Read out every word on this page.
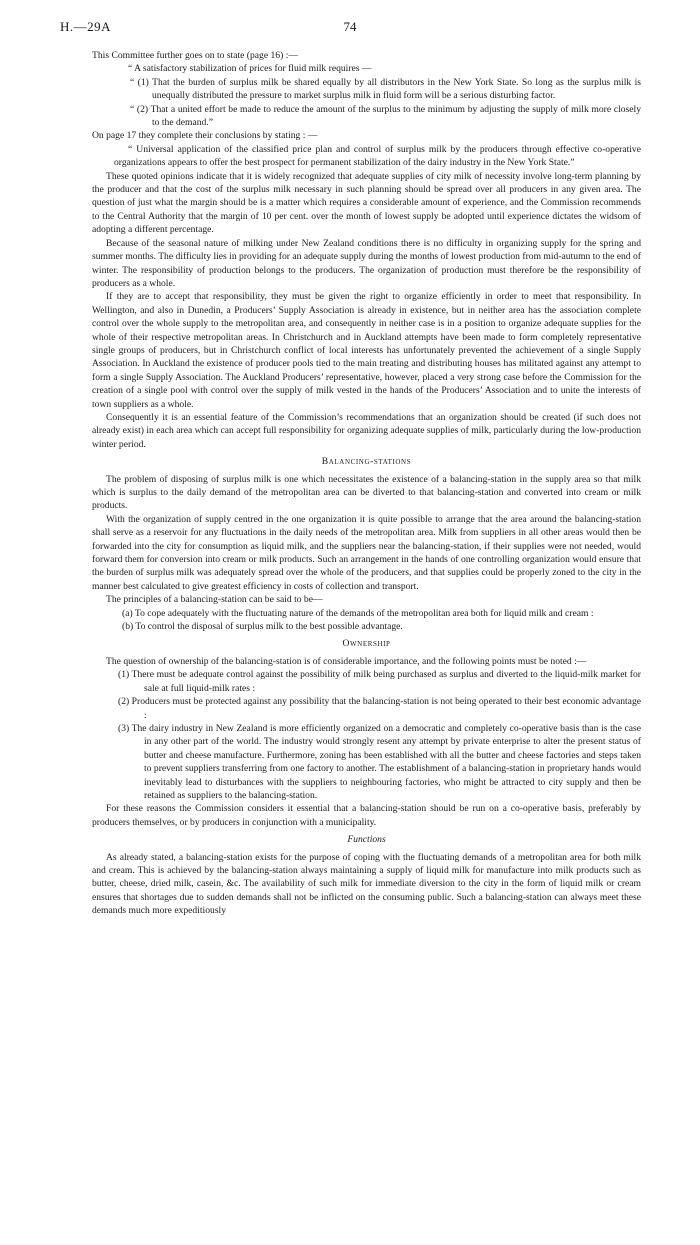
H.—29A	74

This Committee further goes on to state (page 16) :—

“ A satisfactory stabilization of prices for fluid milk requires —

“ (1) That the burden of surplus milk be shared equally by all distributors in the New York State. So long as the surplus milk is unequally distributed the pressure to market surplus milk in fluid form will be a serious disturbing factor.

“ (2) That a united effort be made to reduce the amount of the surplus to the minimum by adjusting the supply of milk more closely to the demand.”

On page 17 they complete their conclusions by stating : —

“ Universal application of the classified price plan and control of surplus milk by the producers through effective co-operative organizations appears to offer the best prospect for permanent stabilization of the dairy industry in the New York State.”

These quoted opinions indicate that it is widely recognized that adequate supplies of city milk of necessity involve long-term planning by the producer and that the cost of the surplus milk necessary in such planning should be spread over all producers in any given area. The question of just what the margin should be is a matter which requires a considerable amount of experience, and the Commission recommends to the Central Authority that the margin of 10 per cent. over the month of lowest supply be adopted until experience dictates the widsom of adopting a different percentage.

Because of the seasonal nature of milking under New Zealand conditions there is no difficulty in organizing supply for the spring and summer months. The difficulty lies in providing for an adequate supply during the months of lowest production from mid-autumn to the end of winter. The responsibility of production belongs to the producers. The organization of production must therefore be the responsibility of producers as a whole.

If they are to accept that responsibility, they must be given the right to organize efficiently in order to meet that responsibility. In Wellington, and also in Dunedin, a Producers’ Supply Association is already in existence, but in neither area has the association complete control over the whole supply to the metropolitan area, and consequently in neither case is in a position to organize adequate supplies for the whole of their respective metropolitan areas. In Christchurch and in Auckland attempts have been made to form completely representative single groups of producers, but in Christchurch conflict of local interests has unfortunately prevented the achievement of a single Supply Association. In Auckland the existence of producer pools tied to the main treating and distributing houses has militated against any attempt to form a single Supply Association. The Auckland Producers’ representative, however, placed a very strong case before the Commission for the creation of a single pool with control over the supply of milk vested in the hands of the Producers’ Association and to unite the interests of town suppliers as a whole.

Consequently it is an essential feature of the Commission’s recommendations that an organization should be created (if such does not already exist) in each area which can accept full responsibility for organizing adequate supplies of milk, particularly during the low-production winter period.

Balancing-stations

The problem of disposing of surplus milk is one which necessitates the existence of a balancing-station in the supply area so that milk which is surplus to the daily demand of the metropolitan area can be diverted to that balancing-station and converted into cream or milk products.

With the organization of supply centred in the one organization it is quite possible to arrange that the area around the balancing-station shall serve as a reservoir for any fluctuations in the daily needs of the metropolitan area. Milk from suppliers in all other areas would then be forwarded into the city for consumption as liquid milk, and the suppliers near the balancing-station, if their supplies were not needed, would forward them for conversion into cream or milk products. Such an arrangement in the hands of one controlling organization would ensure that the burden of surplus milk was adequately spread over the whole of the producers, and that supplies could be properly zoned to the city in the manner best calculated to give greatest efficiency in costs of collection and transport.

The principles of a balancing-station can be said to be—

(a) To cope adequately with the fluctuating nature of the demands of the metropolitan area both for liquid milk and cream :

(b) To control the disposal of surplus milk to the best possible advantage.

Ownership

The question of ownership of the balancing-station is of considerable importance, and the following points must be noted :—

(1) There must be adequate control against the possibility of milk being purchased as surplus and diverted to the liquid-milk market for sale at full liquid-milk rates :

(2) Producers must be protected against any possibility that the balancing-station is not being operated to their best economic advantage :

(3) The dairy industry in New Zealand is more efficiently organized on a democratic and completely co-operative basis than is the case in any other part of the world. The industry would strongly resent any attempt by private enterprise to alter the present status of butter and cheese manufacture. Furthermore, zoning has been established with all the butter and cheese factories and steps taken to prevent suppliers transferring from one factory to another. The establishment of a balancing-station in proprietary hands would inevitably lead to disturbances with the suppliers to neighbouring factories, who might be attracted to city supply and then be retained as suppliers to the balancing-station.

For these reasons the Commission considers it essential that a balancing-station should be run on a co-operative basis, preferably by producers themselves, or by producers in conjunction with a municipality.

Functions

As already stated, a balancing-station exists for the purpose of coping with the fluctuating demands of a metropolitan area for both milk and cream. This is achieved by the balancing-station always maintaining a supply of liquid milk for manufacture into milk products such as butter, cheese, dried milk, casein, &c. The availability of such milk for immediate diversion to the city in the form of liquid milk or cream ensures that shortages due to sudden demands shall not be inflicted on the consuming public. Such a balancing-station can always meet these demands much more expeditiously
